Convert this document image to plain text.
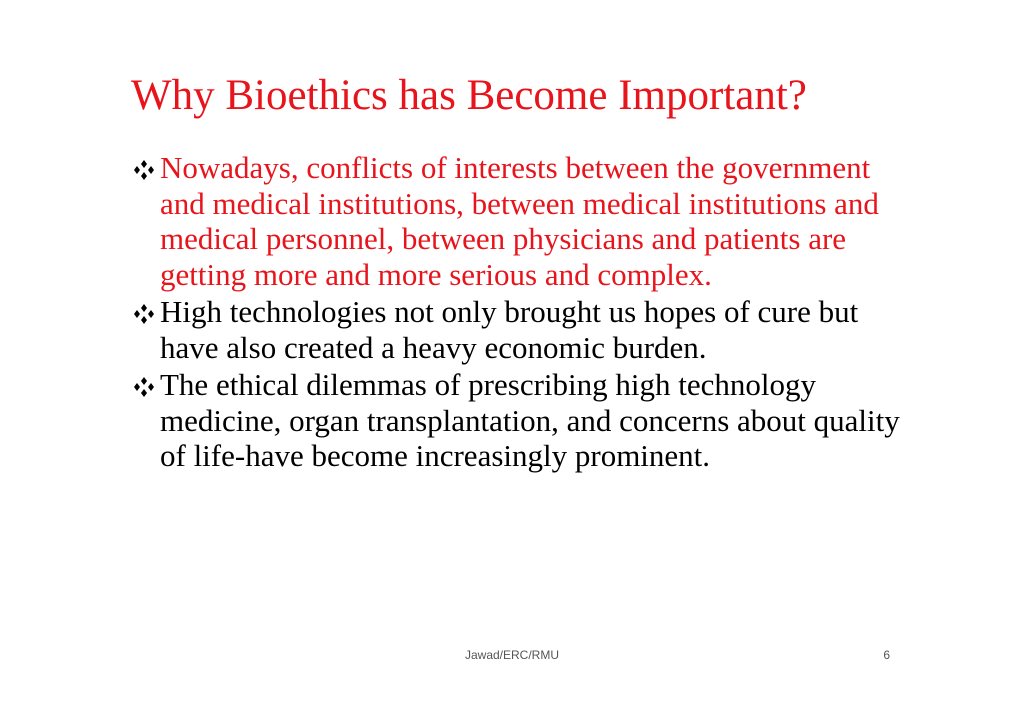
Why Bioethics has Become Important?
Nowadays, conflicts of interests between the government and medical institutions, between medical institutions and medical personnel, between physicians and patients are getting more and more serious and complex.
High technologies not only brought us hopes of cure but have also created a heavy economic burden.
The ethical dilemmas of prescribing high technology medicine, organ transplantation, and concerns about quality of life-have become increasingly prominent.
Jawad/ERC/RMU	6
